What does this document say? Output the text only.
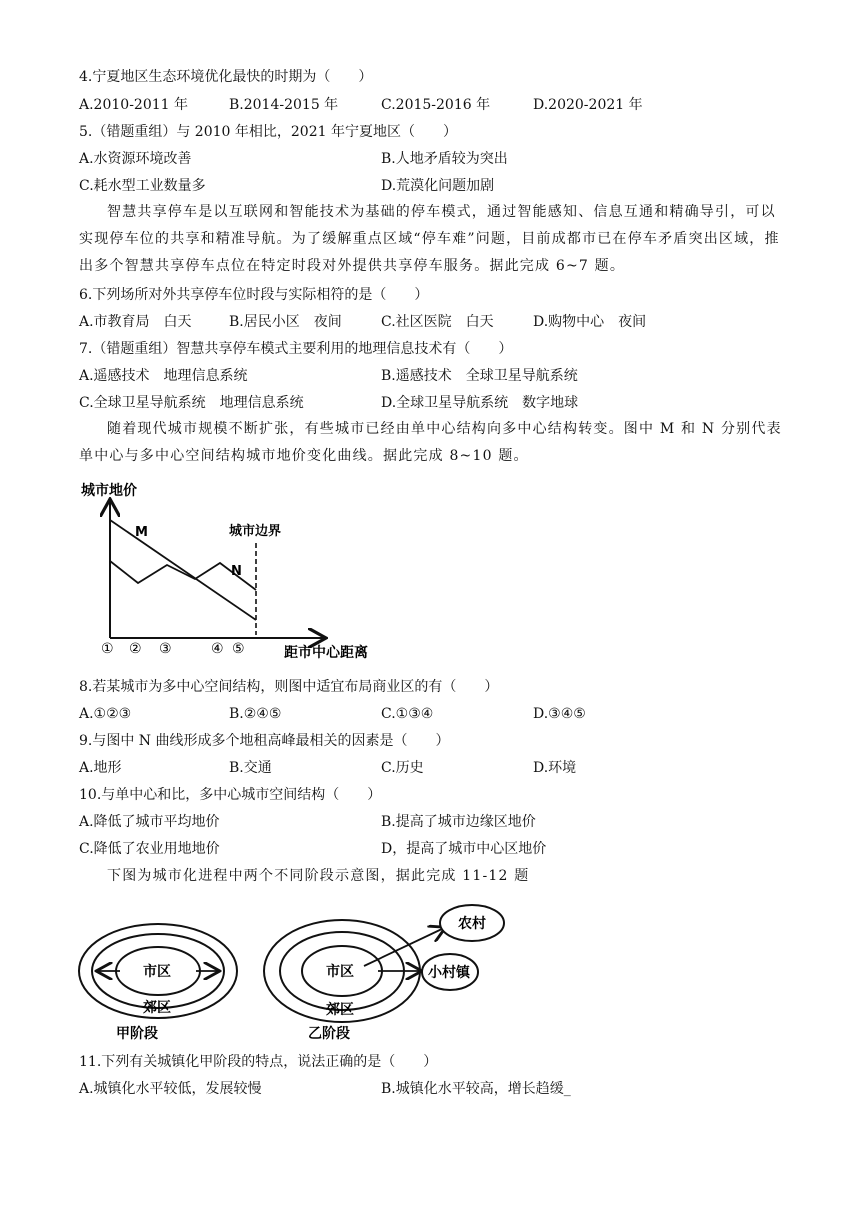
4.宁夏地区生态环境优化最快的时期为（　　）
A.2010-2011 年	B.2014-2015 年	C.2015-2016 年	D.2020-2021 年
5.（错题重组）与 2010 年相比，2021 年宁夏地区（　　）
A.水资源环境改善	B.人地矛盾较为突出
C.耗水型工业数量多	D.荒漠化问题加剧
智慧共享停车是以互联网和智能技术为基础的停车模式，通过智能感知、信息互通和精确导引，可以实现停车位的共享和精准导航。为了缓解重点区域“停车难”问题，目前成都市已在停车矛盾突出区域，推出多个智慧共享停车点位在特定时段对外提供共享停车服务。据此完成 6~7 题。
6.下列场所对外共享停车位时段与实际相符的是（　　）
A.市教育局　白天	B.居民小区　夜间	C.社区医院　白天	D.购物中心　夜间
7.（错题重组）智慧共享停车模式主要利用的地理信息技术有（　　）
A.遥感技术　地理信息系统	B.遥感技术　全球卫星导航系统
C.全球卫星导航系统　地理信息系统	D.全球卫星导航系统　数字地球
随着现代城市规模不断扩张，有些城市已经由单中心结构向多中心结构转变。图中 M 和 N 分别代表单中心与多中心空间结构城市地价变化曲线。据此完成 8~10 题。
城市地价
距市中心距离
城市边界
M
N
① ② ③	④ ⑤
8.若某城市为多中心空间结构，则图中适宜布局商业区的有（　　）
A.①②③	B.②④⑤	C.①③④	D.③④⑤
9.与图中 N 曲线形成多个地租高峰最相关的因素是（　　）
A.地形	B.交通	C.历史	D.环境
10.与单中心和比，多中心城市空间结构（　　）
A.降低了城市平均地价	B.提高了城市边缘区地价
C.降低了农业用地地价	D，提高了城市中心区地价
下图为城市化进程中两个不同阶段示意图，据此完成 11-12 题
市区
郊区
甲阶段
市区
郊区
乙阶段
农村
小村镇
11.下列有关城镇化甲阶段的特点，说法正确的是（　　）
A.城镇化水平较低，发展较慢	B.城镇化水平较高，增长趋缓_
